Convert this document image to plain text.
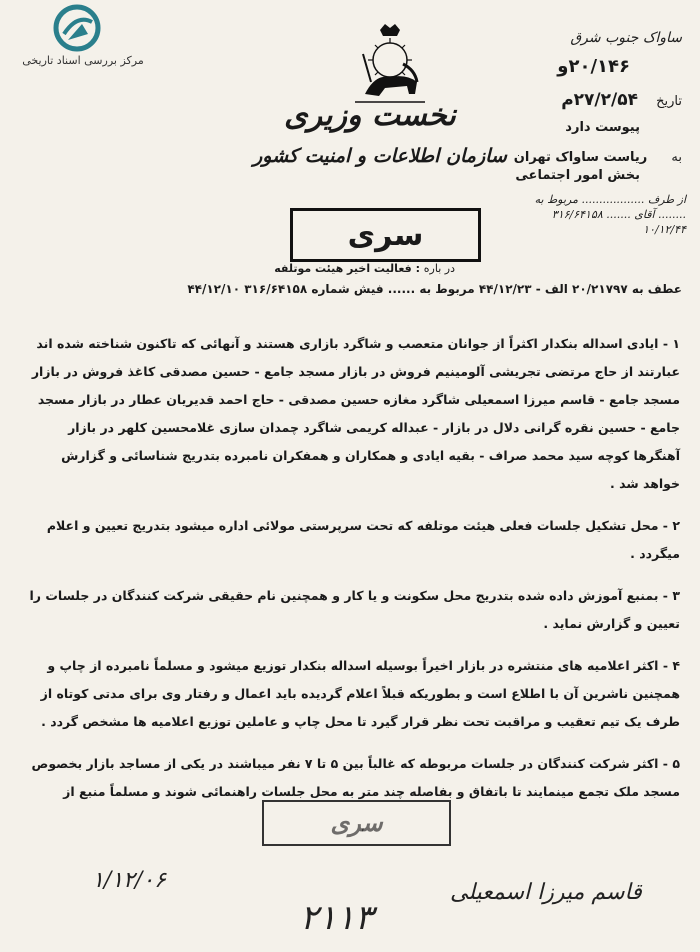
مرکز بررسی اسناد تاریخی
نخست وزیری
سازمان اطلاعات و امنیت کشور
سری
ساواک جنوب شرق
۲۰/۱۴۶و
تاریخ ۲۷/۲/۵۴م
پیوست دارد
به ریاست ساواک تهران
بخش امور اجتماعی
از طرف .................. مربوط به ........ آقای ....... ۳۱۶/۶۴۱۵۸ ۱۰/۱۲/۴۴
در باره : فعالیت اخیر هیئت موتلفه
عطف به ۲۰/۲۱۷۹۷ الف - ۴۴/۱۲/۲۳ مربوط به ...... فیش شماره ۳۱۶/۶۴۱۵۸ ۴۴/۱۲/۱۰

۱ - ایادی اسداله بنکدار اکثراً از جوانان متعصب و شاگرد بازاری هستند و آنهائی که تاکنون شناخته شده اند عبارتند از حاج مرتضی تجریشی آلومینیم فروش در بازار مسجد جامع - حسین مصدقی کاغذ فروش در بازار مسجد جامع - قاسم میرزا اسمعیلی شاگرد مغازه حسین مصدقی - حاج احمد قدیریان عطار در بازار مسجد جامع - حسین نقره گرانی دلال در بازار - عبداله کریمی شاگرد چمدان سازی غلامحسین کلهر در بازار آهنگرها کوچه سید محمد صراف - بقیه ایادی و همکاران و همفکران نامبرده بتدریج شناسائی و گزارش خواهد شد .

۲ - محل تشکیل جلسات فعلی هیئت موتلفه که تحت سرپرستی مولائی اداره میشود بتدریج تعیین و اعلام میگردد .

۳ - بمنبع آموزش داده شده بتدریج محل سکونت و یا کار و همچنین نام حقیقی شرکت کنندگان در جلسات را تعیین و گزارش نماید .

۴ - اکثر اعلامیه های منتشره در بازار اخیراً بوسیله اسداله بنکدار توزیع میشود و مسلماً نامبرده از چاپ و همچنین ناشرین آن با اطلاع است و بطوریکه قبلاً اعلام گردیده باید اعمال و رفتار وی برای مدتی کوتاه از طرف یک تیم تعقیب و مراقبت تحت نظر قرار گیرد تا محل چاپ و عاملین توزیع اعلامیه ها مشخص گردد .

۵ - اکثر شرکت کنندگان در جلسات مربوطه که غالباً بین ۵ تا ۷ نفر میباشند در یکی از مساجد بازار بخصوص مسجد ملک تجمع مینمایند تا باتفاق و بفاصله چند متر به محل جلسات راهنمائی شوند و مسلماً منبع از

سری
۱/۱۲/۰۶
۲۱۱۳
قاسم میرزا اسمعیلی
